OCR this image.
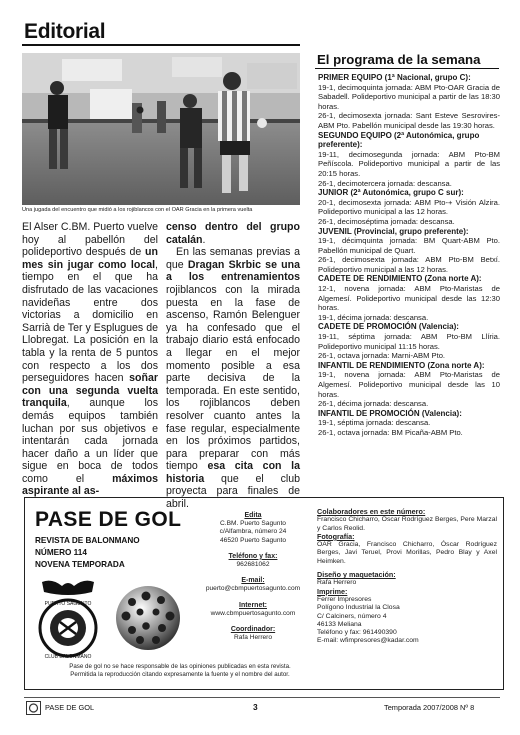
Editorial
Una jugada del encuentro que midió a los rojiblancos con el OAR Gracia en la primera vuelta

El Alser C.BM. Puerto vuelve hoy al pabellón del polideportivo después de un mes sin jugar como local, tiempo en el que ha disfrutado de las vacaciones navideñas entre dos victorias a domicilio en Sarrià de Ter y Esplugues de Llobregat. La posición en la tabla y la renta de 5 puntos con respecto a los dos perseguidores hacen soñar con una segunda vuelta tranquila, aunque los demás equipos también luchan por sus objetivos e intentarán cada jornada hacer daño a un líder que sigue en boca de todos como el máximos aspirante al as-

censo dentro del grupo catalán.

En las semanas previas a que Dragan Skrbic se una a los entrenamientos rojiblancos con la mirada puesta en la fase de ascenso, Ramón Belenguer ya ha confesado que el trabajo diario está enfocado a llegar en el mejor momento posible a esa parte decisiva de la temporada. En este sentido, los rojiblancos deben resolver cuanto antes la fase regular, especialmente en los próximos partidos, para preparar con más tiempo esa cita con la historia que el club proyecta para finales de abril.

El programa de la semana
PRIMER EQUIPO (1ª Nacional, grupo C):
19-1, decimoquinta jornada: ABM Pto-OAR Gracia de Sabadell. Polideportivo municipal a partir de las 18:30 horas.
26-1, decimosexta jornada: Sant Esteve Sesrovires-ABM Pto. Pabellón municipal desde las 19:30 horas.
SEGUNDO EQUIPO (2ª Autonómica, grupo preferente):
19-11, decimosegunda jornada: ABM Pto-BM Peñíscola. Polideportivo municipal a partir de las 20:15 horas.
26-1, decimotercera jornada: descansa.
JUNIOR (2ª Autonómica, grupo C sur):
20-1, decimosexta jornada: ABM Pto-+ Visión Alzira. Polideportivo municipal a las 12 horas.
26-1, decimoséptima jornada: descansa.
JUVENIL (Provincial, grupo preferente):
19-1, décimquinta jornada: BM Quart-ABM Pto. Pabellón municipal de Quart.
26-1, decimosexta jornada: ABM Pto-BM Betxí. Polideportivo municipal a las 12 horas.
CADETE DE RENDIMIENTO (Zona norte A):
12-1, novena jornada: ABM Pto-Maristas de Algemesí. Polideportivo municipal desde las 12:30 horas.
19-1, décima jornada: descansa.
CADETE DE PROMOCIÓN (Valencia):
19-11, séptima jornada: ABM Pto-BM Llíria. Polideportivo municipal 11:15 horas.
26-1, octava jornada: Marni-ABM Pto.
INFANTIL DE RENDIMIENTO (Zona norte A):
19-1, novena jornada: ABM Pto-Maristas de Algemesí. Polideportivo municipal desde las 10 horas.
26-1, décima jornada: descansa.
INFANTIL DE PROMOCIÓN (Valencia):
19-1, séptima jornada: descansa.
26-1, octava jornada: BM Picaña-ABM Pto.
PASE DE GOL
REVISTA DE BALONMANO
NÚMERO 114
NOVENA TEMPORADA
PUERTO SAGUNTO
CLUB BALONMANO
Pase de gol no se hace responsable de las opiniones publicadas en esta revista.
Permitida la reproducción citando expresamente la fuente y el nombre del autor.
Edita
C.BM. Puerto Sagunto
c/Alfambra, número 24
46520 Puerto Sagunto
Teléfono y fax:
962681062
E-mail:
puerto@cbmpuertosagunto.com
Internet:
www.cbmpuertosagunto.com
Coordinador:
Rafa Herrero
Colaboradores en este número:
Francisco Chicharro, Óscar Rodríguez Berges, Pere Marzal y Carlos Reolid.
Fotografía:
OAR Gracia, Francisco Chicharro, Óscar Rodríguez Berges, Javi Teruel, Provi Morillas, Pedro Blay y Axel Heimken.
Diseño y maquetación:
Rafa Herrero
Imprime:
Ferrer Impresores
Polígono Industrial la Closa
C/ Calciners, número 4
46133 Meliana
Teléfono y fax: 961490390
E-mail: wfimpresores@kadar.com
PASE DE GOL	3	Temporada 2007/2008 Nº 8
